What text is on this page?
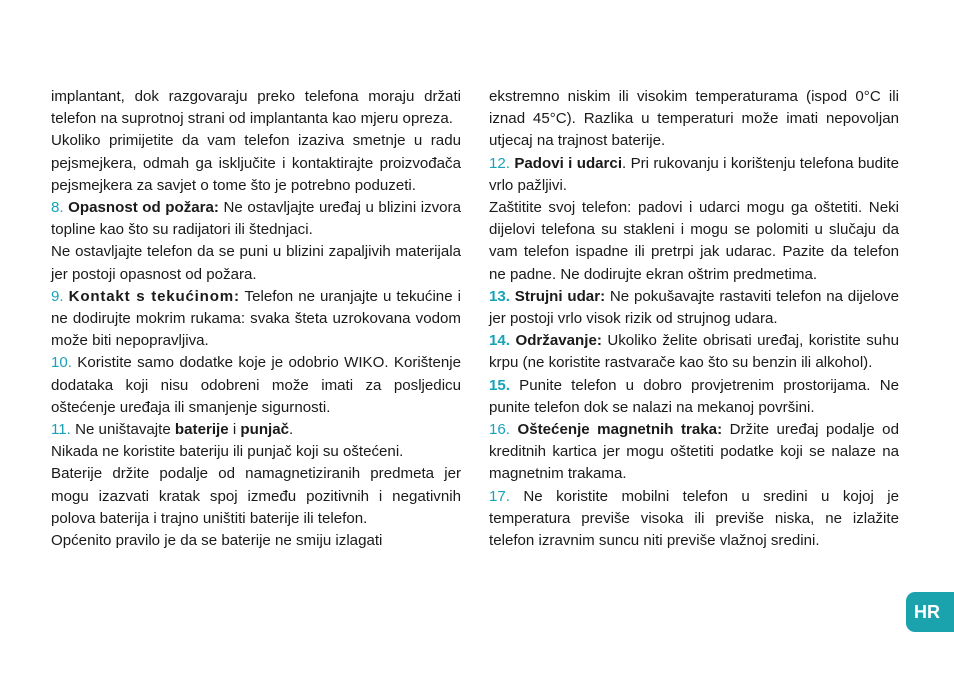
implantant, dok razgovaraju preko telefona moraju držati telefon na suprotnoj strani od implantanta kao mjeru opreza.

Ukoliko primijetite da vam telefon izaziva smetnje u radu pejsmejkera, odmah ga isključite i kontaktirajte proizvođača pejsmejkera za savjet o tome što je potrebno poduzeti.

8. Opasnost od požara: Ne ostavljajte uređaj u blizini izvora topline kao što su radijatori ili štednjaci.

Ne ostavljajte telefon da se puni u blizini zapaljivih materijala jer postoji opasnost od požara.

9. Kontakt s tekućinom: Telefon ne uranjajte u tekućine i ne dodirujte mokrim rukama: svaka šteta uzrokovana vodom može biti nepopravljiva.

10. Koristite samo dodatke koje je odobrio WIKO. Korištenje dodataka koji nisu odobreni može imati za posljedicu oštećenje uređaja ili smanjenje sigurnosti.

11. Ne uništavajte baterije i punjač.

Nikada ne koristite bateriju ili punjač koji su oštećeni.

Baterije držite podalje od namagnetiziranih predmeta jer mogu izazvati kratak spoj između pozitivnih i negativnih polova baterija i trajno uništiti baterije ili telefon.

Općenito pravilo je da se baterije ne smiju izlagati

ekstremno niskim ili visokim temperaturama (ispod 0°C ili iznad 45°C). Razlika u temperaturi može imati nepovoljan utjecaj na trajnost baterije.

12. Padovi i udarci. Pri rukovanju i korištenju telefona budite vrlo pažljivi.

Zaštitite svoj telefon: padovi i udarci mogu ga oštetiti. Neki dijelovi telefona su stakleni i mogu se polomiti u slučaju da vam telefon ispadne ili pretrpi jak udarac. Pazite da telefon ne padne. Ne dodirujte ekran oštrim predmetima.

13. Strujni udar: Ne pokušavajte rastaviti telefon na dijelove jer postoji vrlo visok rizik od strujnog udara.

14. Održavanje: Ukoliko želite obrisati uređaj, koristite suhu krpu (ne koristite rastvarače kao što su benzin ili alkohol).

15. Punite telefon u dobro provjetrenim prostorijama. Ne punite telefon dok se nalazi na mekanoj površini.

16. Oštećenje magnetnih traka: Držite uređaj podalje od kreditnih kartica jer mogu oštetiti podatke koji se nalaze na magnetnim trakama.

17. Ne koristite mobilni telefon u sredini u kojoj je temperatura previše visoka ili previše niska, ne izlažite telefon izravnim suncu niti previše vlažnoj sredini.

HR
